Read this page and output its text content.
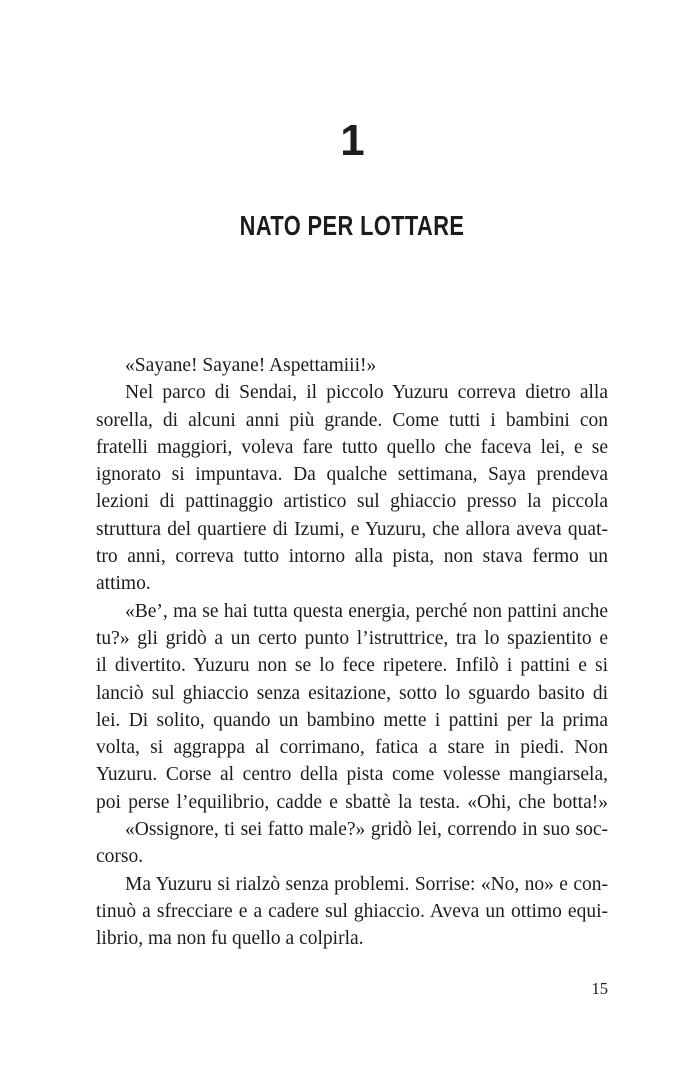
1
NATO PER LOTTARE
«Sayane! Sayane! Aspettamiii!»
Nel parco di Sendai, il piccolo Yuzuru correva dietro alla
sorella, di alcuni anni più grande. Come tutti i bambini con
fratelli maggiori, voleva fare tutto quello che faceva lei, e se
ignorato si impuntava. Da qualche settimana, Saya prendeva
lezioni di pattinaggio artistico sul ghiaccio presso la piccola
struttura del quartiere di Izumi, e Yuzuru, che allora aveva quat-
tro anni, correva tutto intorno alla pista, non stava fermo un
attimo.
«Be’, ma se hai tutta questa energia, perché non pattini anche
tu?» gli gridò a un certo punto l’istruttrice, tra lo spazientito e
il divertito. Yuzuru non se lo fece ripetere. Infilò i pattini e si
lanciò sul ghiaccio senza esitazione, sotto lo sguardo basito di
lei. Di solito, quando un bambino mette i pattini per la prima
volta, si aggrappa al corrimano, fatica a stare in piedi. Non
Yuzuru. Corse al centro della pista come volesse mangiarsela,
poi perse l’equilibrio, cadde e sbattè la testa. «Ohi, che botta!»
«Ossignore, ti sei fatto male?» gridò lei, correndo in suo soc-
corso.
Ma Yuzuru si rialzò senza problemi. Sorrise: «No, no» e con-
tinuò a sfrecciare e a cadere sul ghiaccio. Aveva un ottimo equi-
librio, ma non fu quello a colpirla.
15
